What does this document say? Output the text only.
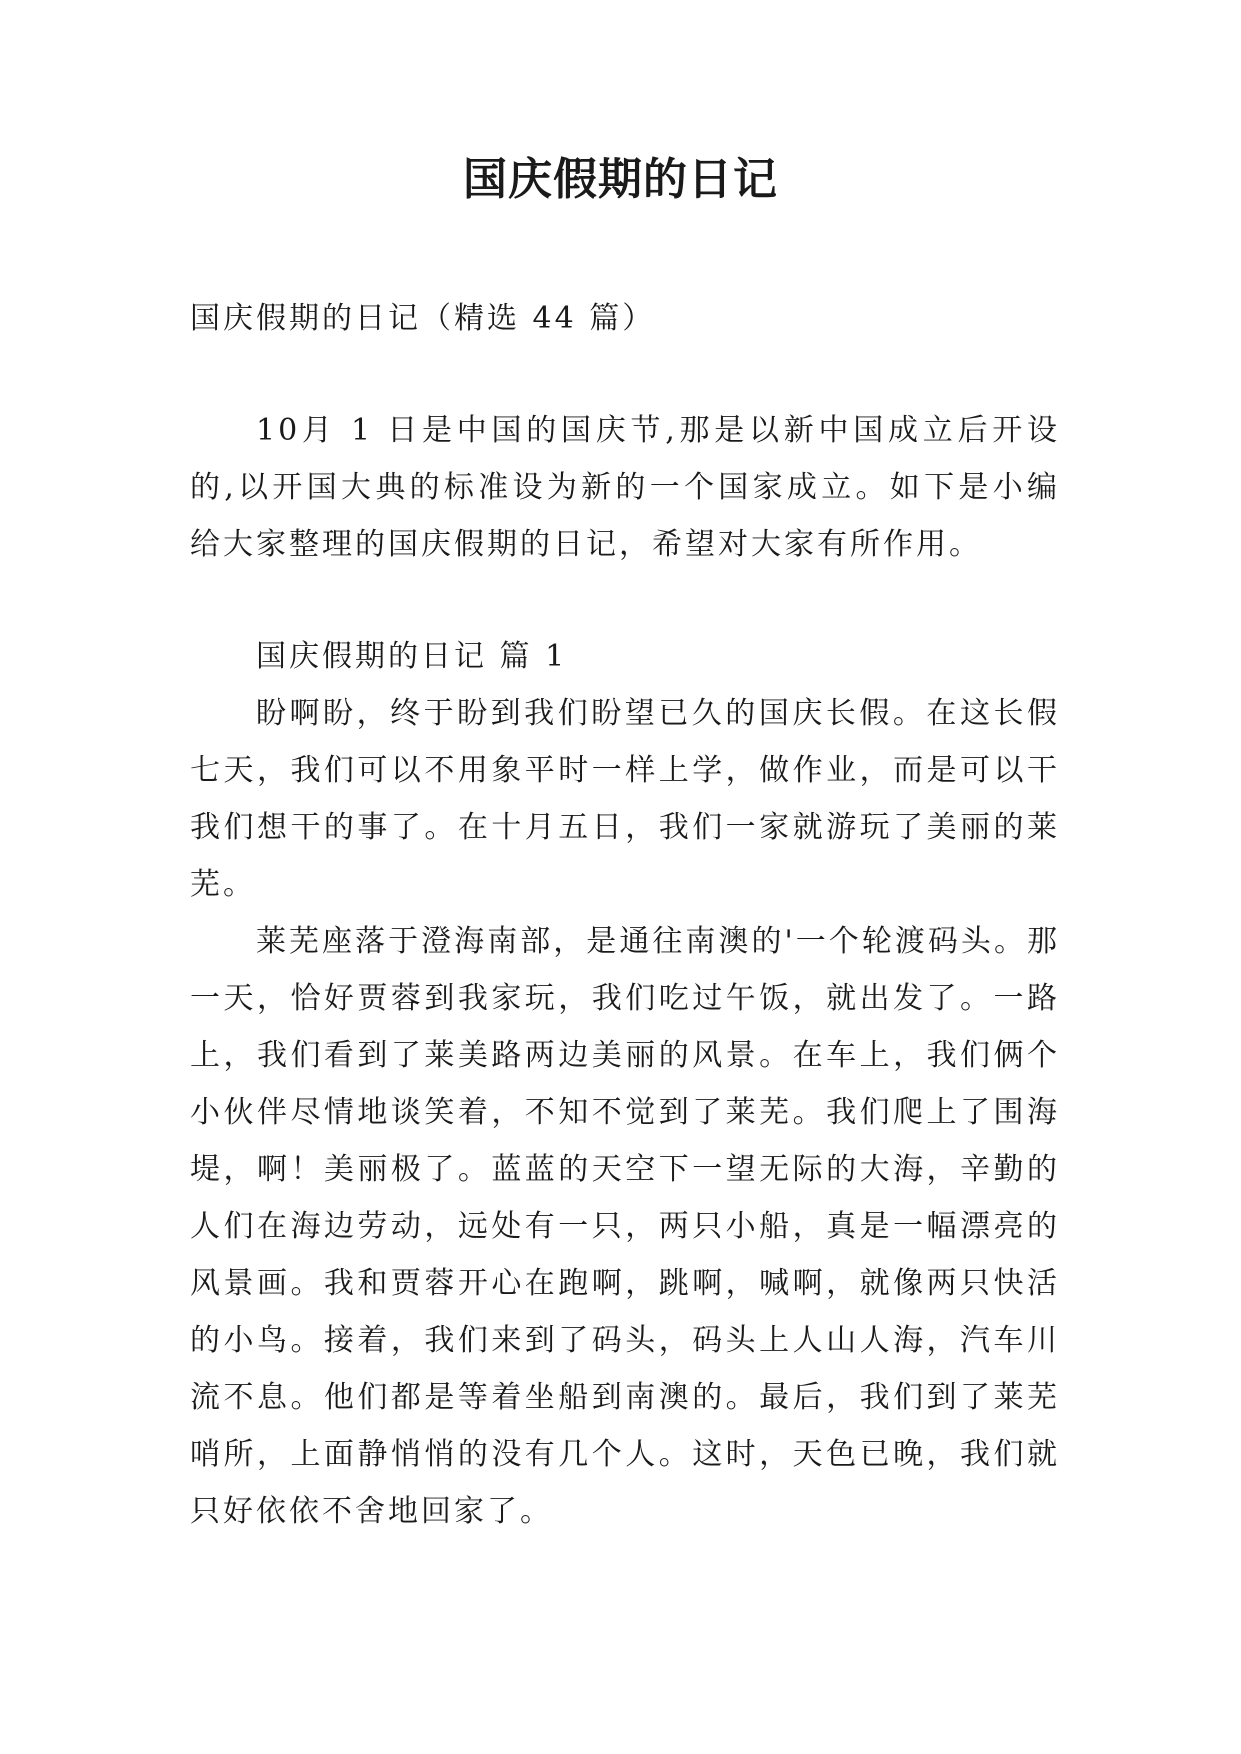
国庆假期的日记

国庆假期的日记（精选 44 篇）

10月 1 日是中国的国庆节,那是以新中国成立后开设的,以开国大典的标准设为新的一个国家成立。如下是小编给大家整理的国庆假期的日记，希望对大家有所作用。

国庆假期的日记 篇 1

盼啊盼，终于盼到我们盼望已久的国庆长假。在这长假七天，我们可以不用象平时一样上学，做作业，而是可以干我们想干的事了。在十月五日，我们一家就游玩了美丽的莱芜。

莱芜座落于澄海南部，是通往南澳的'一个轮渡码头。那一天，恰好贾蓉到我家玩，我们吃过午饭，就出发了。一路上，我们看到了莱美路两边美丽的风景。在车上，我们俩个小伙伴尽情地谈笑着，不知不觉到了莱芜。我们爬上了围海堤，啊！美丽极了。蓝蓝的天空下一望无际的大海，辛勤的人们在海边劳动，远处有一只，两只小船，真是一幅漂亮的风景画。我和贾蓉开心在跑啊，跳啊，喊啊，就像两只快活的小鸟。接着，我们来到了码头，码头上人山人海，汽车川流不息。他们都是等着坐船到南澳的。最后，我们到了莱芜哨所，上面静悄悄的没有几个人。这时，天色已晚，我们就只好依依不舍地回家了。
